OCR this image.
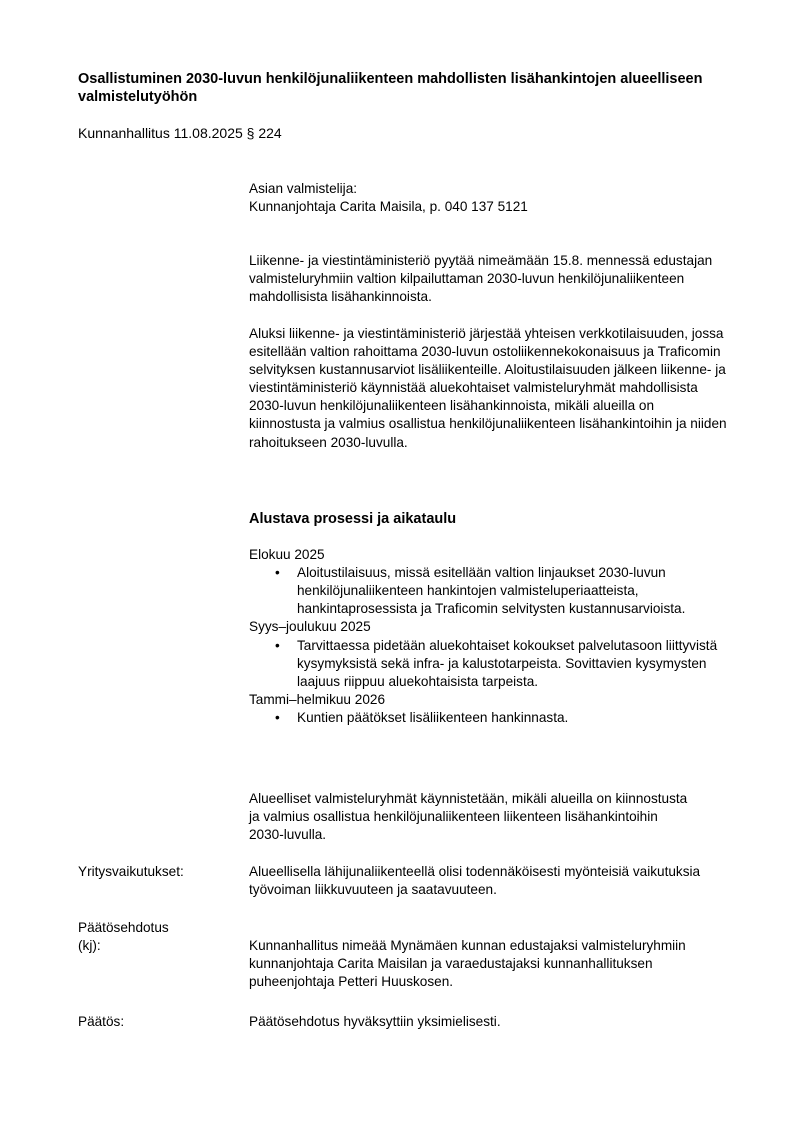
Osallistuminen 2030-luvun henkilöjunaliikenteen mahdollisten lisähankintojen alueelliseen valmistelutyöhön
Kunnanhallitus 11.08.2025 § 224

Asian valmistelija:

Kunnanjohtaja Carita Maisila, p. 040 137 5121

Liikenne- ja viestintäministeriö pyytää nimeämään 15.8. mennessä edustajan valmisteluryhmiin valtion kilpailuttaman 2030-luvun henkilöjunaliikenteen mahdollisista lisähankinnoista.

Aluksi liikenne- ja viestintäministeriö järjestää yhteisen verkkotilaisuuden, jossa esitellään valtion rahoittama 2030-luvun ostoliikennekokonaisuus ja Traficomin selvityksen kustannusarviot lisäliikenteille. Aloitustilaisuuden jälkeen liikenne- ja viestintäministeriö käynnistää aluekohtaiset valmisteluryhmät mahdollisista 2030-luvun henkilöjunaliikenteen lisähankinnoista, mikäli alueilla on kiinnostusta ja valmius osallistua henkilöjunaliikenteen lisähankintoihin ja niiden rahoitukseen 2030-luvulla.

Alustava prosessi ja aikataulu

Elokuu 2025

• Aloitustilaisuus, missä esitellään valtion linjaukset 2030-luvun henkilöjunaliikenteen hankintojen valmisteluperiaatteista, hankintaprosessista ja Traficomin selvitysten kustannusarvioista.

Syys–joulukuu 2025

• Tarvittaessa pidetään aluekohtaiset kokoukset palvelutasoon liittyvistä kysymyksistä sekä infra- ja kalustotarpeista. Sovittavien kysymysten laajuus riippuu aluekohtaisista tarpeista.

Tammi–helmikuu 2026

• Kuntien päätökset lisäliikenteen hankinnasta.

Alueelliset valmisteluryhmät käynnistetään, mikäli alueilla on kiinnostusta ja valmius osallistua henkilöjunaliikenteen liikenteen lisähankintoihin 2030-luvulla.

Yritysvaikutukset:	Alueellisella lähijunaliikenteellä olisi todennäköisesti myönteisiä vaikutuksia työvoiman liikkuvuuteen ja saatavuuteen.

Päätösehdotus

(kj):	Kunnanhallitus nimeää Mynämäen kunnan edustajaksi valmisteluryhmiin kunnanjohtaja Carita Maisilan ja varaedustajaksi kunnanhallituksen puheenjohtaja Petteri Huuskosen.

Päätös:	Päätösehdotus hyväksyttiin yksimielisesti.
